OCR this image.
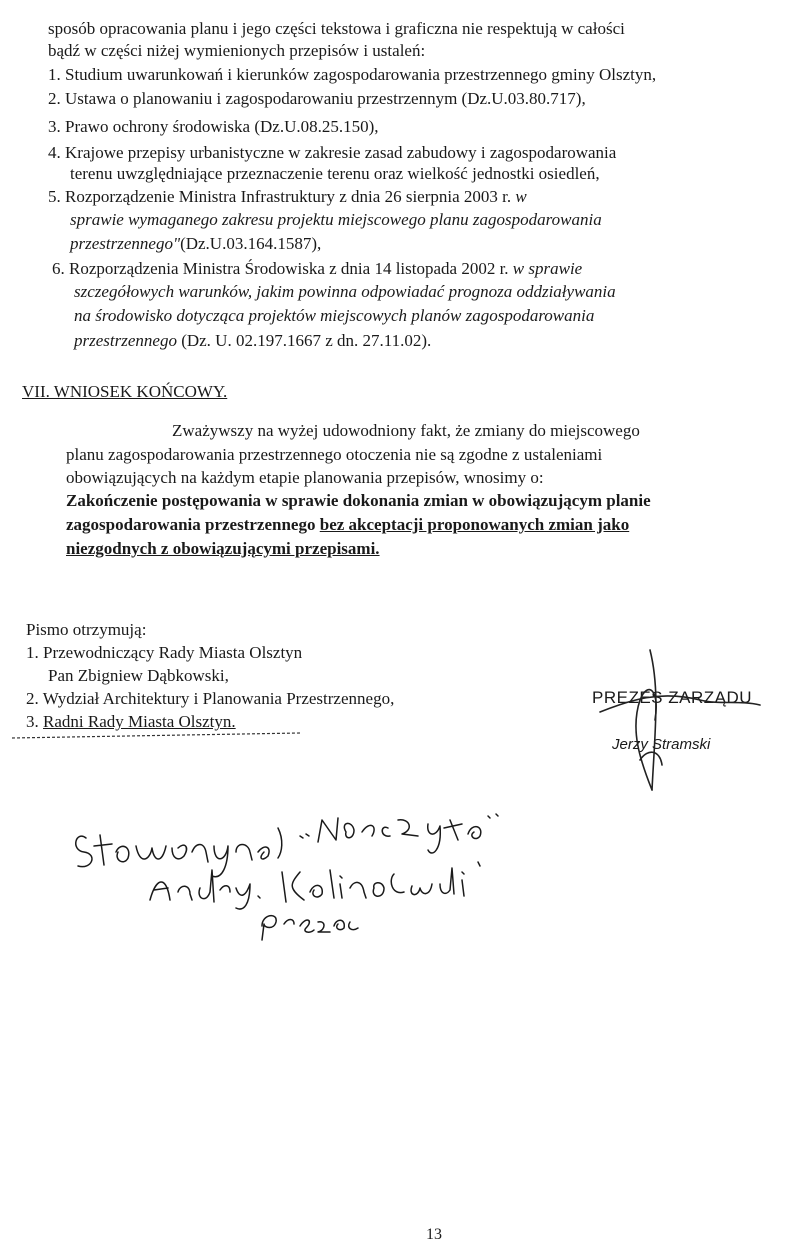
sposób opracowania planu i jego części tekstowa i graficzna nie respektują w całości
bądź w części niżej wymienionych przepisów i ustaleń:
1. Studium uwarunkowań i kierunków zagospodarowania przestrzennego gminy Olsztyn,
2. Ustawa o planowaniu i zagospodarowaniu przestrzennym (Dz.U.03.80.717),
3. Prawo ochrony środowiska (Dz.U.08.25.150),
4. Krajowe przepisy urbanistyczne w zakresie zasad zabudowy i zagospodarowania
terenu uwzględniające przeznaczenie terenu oraz wielkość jednostki osiedleń,
5. Rozporządzenie Ministra Infrastruktury z dnia 26 sierpnia 2003 r. w
sprawie wymaganego zakresu projektu miejscowego planu zagospodarowania
przestrzennego"(Dz.U.03.164.1587),
6. Rozporządzenia Ministra Środowiska z dnia 14 listopada 2002 r. w sprawie
szczegółowych warunków, jakim powinna odpowiadać prognoza oddziaływania
na środowisko dotycząca projektów miejscowych planów zagospodarowania
przestrzennego (Dz. U. 02.197.1667 z dn. 27.11.02).
VII. WNIOSEK KOŃCOWY.
Zważywszy na wyżej udowodniony fakt, że zmiany do miejscowego
planu zagospodarowania przestrzennego otoczenia nie są zgodne z ustaleniami
obowiązujących na każdym etapie planowania przepisów, wnosimy o:
Zakończenie postępowania w sprawie dokonania zmian w obowiązującym planie
zagospodarowania przestrzennego bez akceptacji proponowanych zmian jako
niezgodnych z obowiązującymi przepisami.
Pismo otrzymują:
1. Przewodniczący Rady Miasta Olsztyn
Pan Zbigniew Dąbkowski,
2. Wydział Architektury i Planowania Przestrzennego,
3. Radni Rady Miasta Olsztyn.
PREZES ZARZĄDU
Jerzy Stramski
13
